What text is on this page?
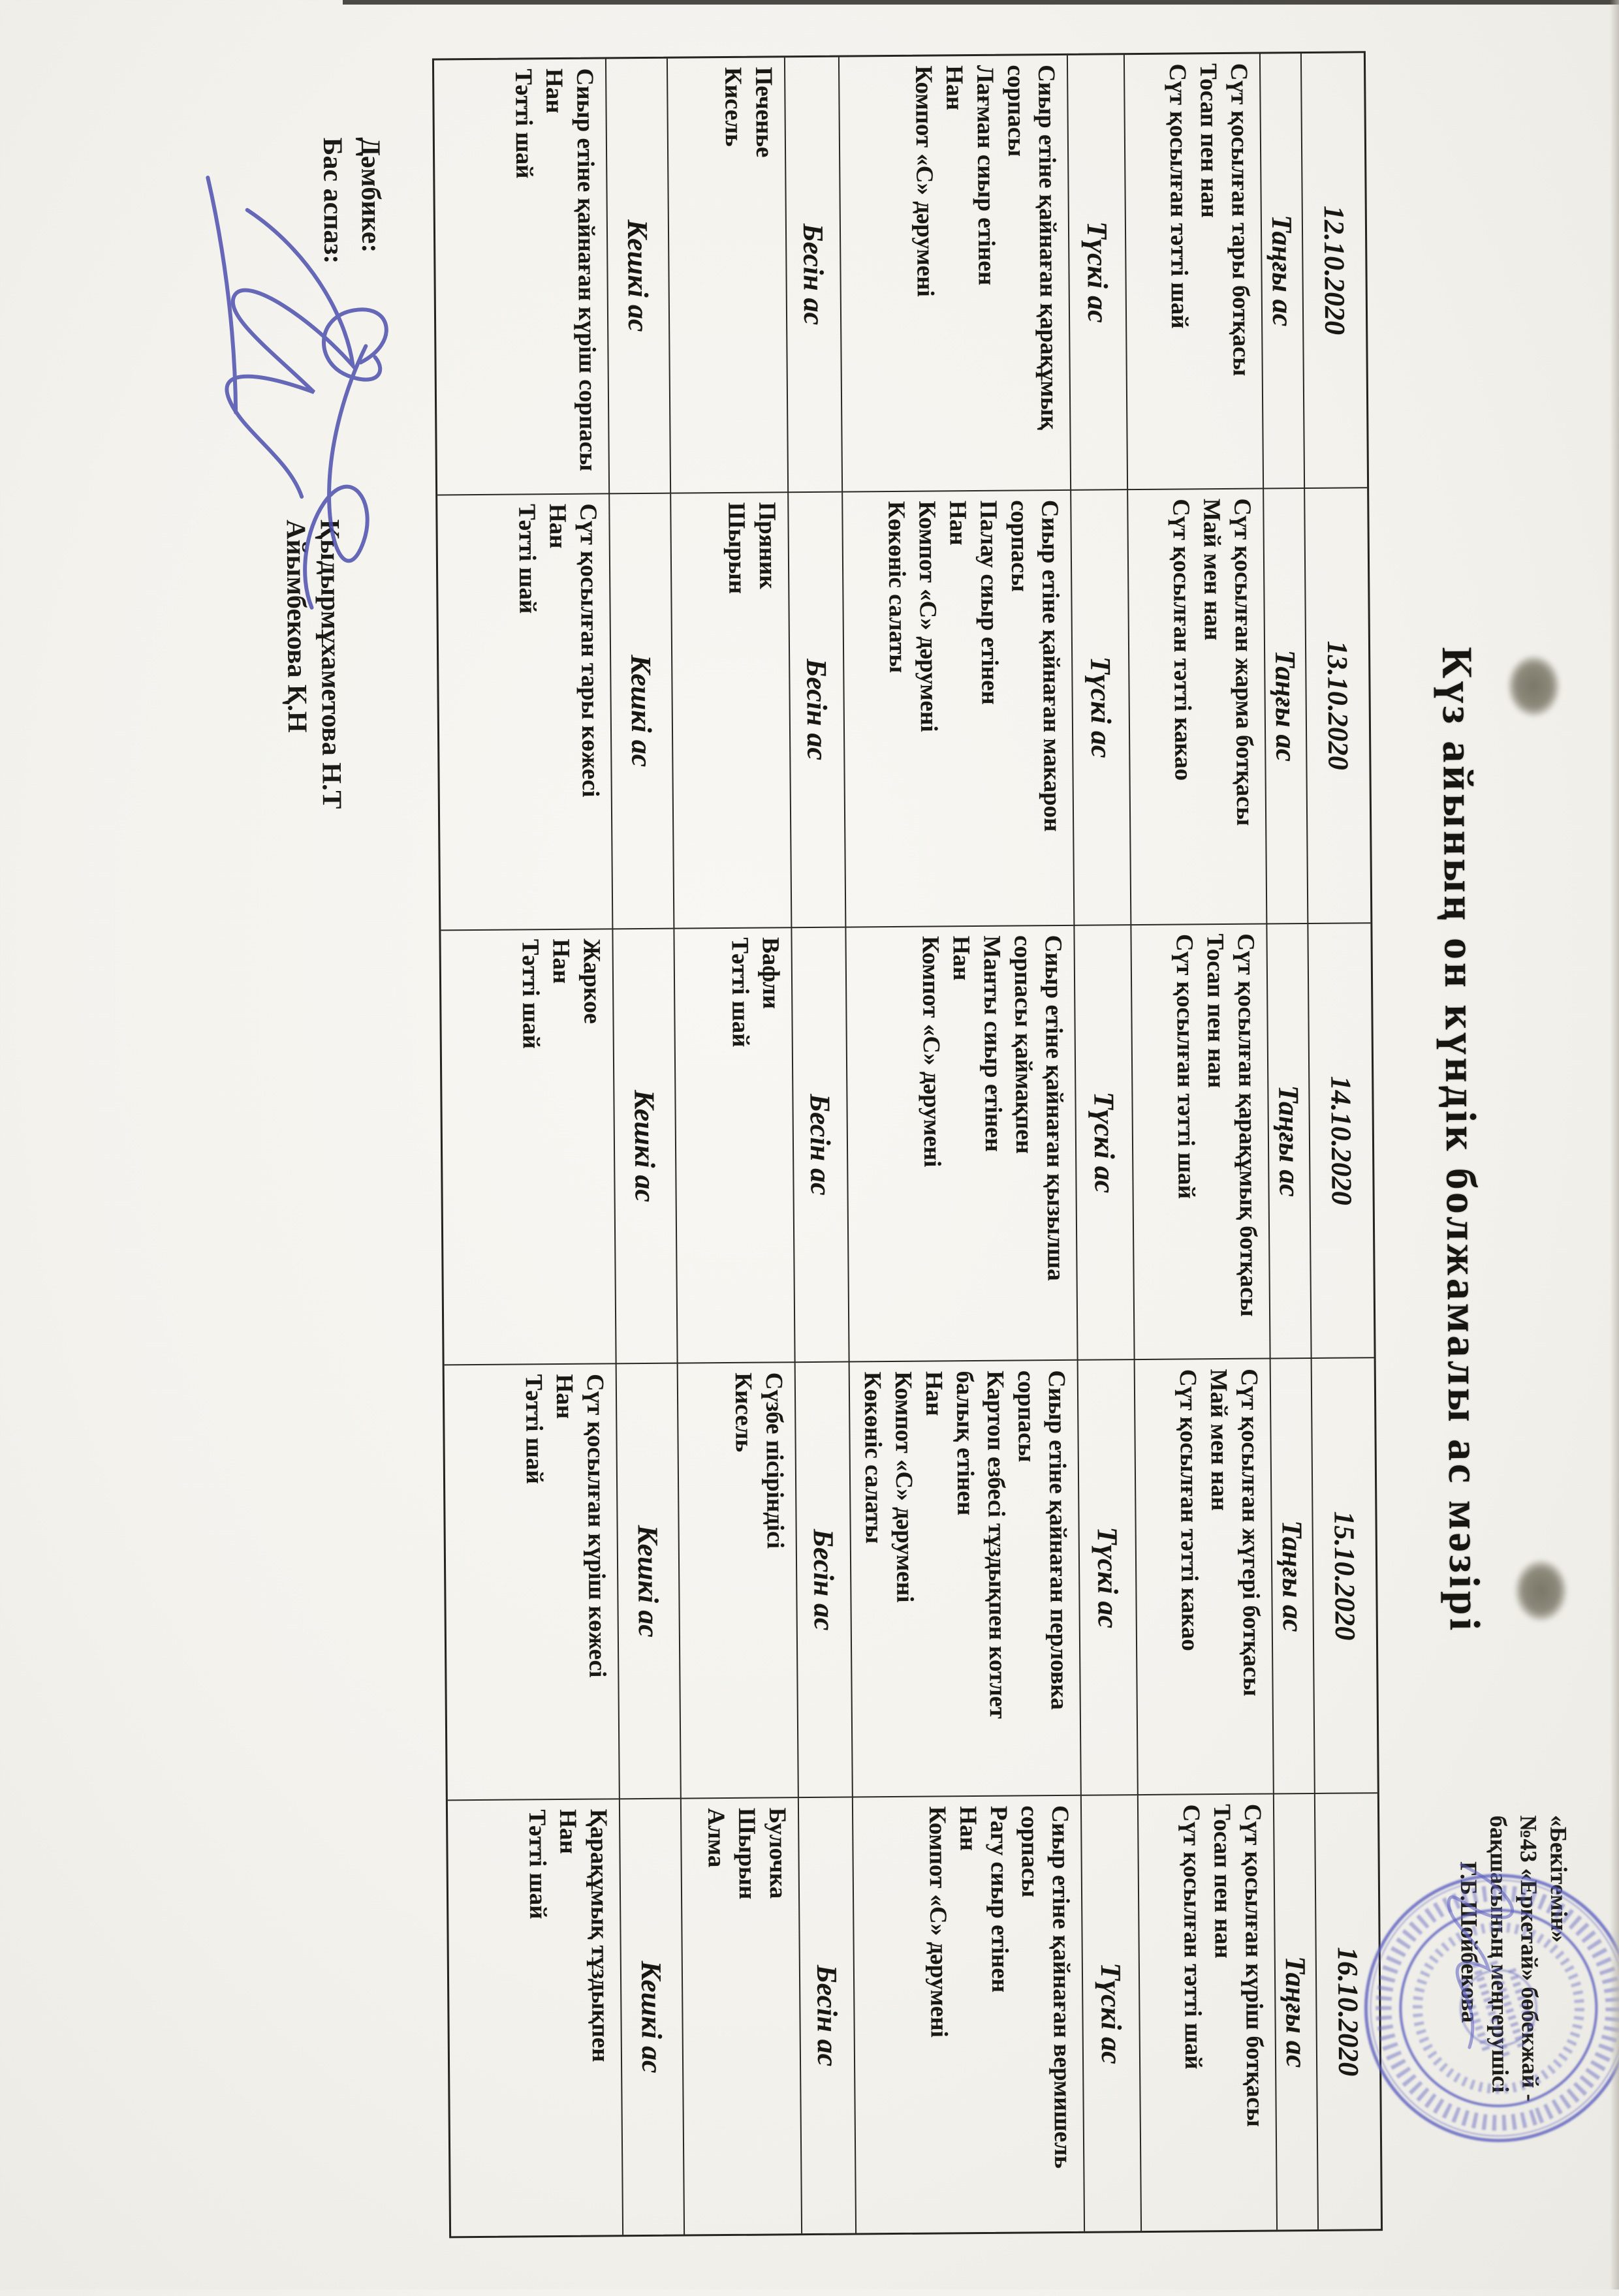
Күз айының он күндік болжамалы ас мәзірі
«Бекітемін»
№43 «Еркетай» бөбекжай -
бақшасының меңгерушісі
Г.Б.Шойбекова
12.10.2020
13.10.2020
14.10.2020
15.10.2020
16.10.2020
Таңғы ас
Таңғы ас
Таңғы ас
Таңғы ас
Таңғы ас
Сүт қосылған тары ботқасы
Тосап пен нан
Сүт қосылған тәтті шай
Сүт қосылған жарма ботқасы
Май мен нан
Сүт қосылған тәтті какао
Сүт қосылған қарақұмық ботқасы
Тосап пен нан
Сүт қосылған тәтті шай
Сүт қосылған жүгері ботқасы
Май мен нан
Сүт қосылған тәтті какао
Сүт қосылған күріш ботқасы
Тосап пен нан
Сүт қосылған тәтті шай
Түскі ас
Түскі ас
Түскі ас
Түскі ас
Түскі ас
Сиыр етіне қайнаған қарақұмық сорпасы
Лағман сиыр етінен
Нан
Компот «С» дәрумені
Сиыр етіне қайнаған макарон сорпасы
Палау сиыр етінен
Нан
Компот «С» дәрумені
Көкөніс салаты
Сиыр етіне қайнаған қызылша сорпасы қаймақпен
Манты сиыр етінен
Нан
Компот «С» дәрумені
Сиыр етіне қайнаған перловка сорпасы
Картоп езбесі тұздықпен котлет балық етінен
Нан
Компот «С» дәрумені
Көкөніс салаты
Сиыр етіне қайнаған вермишель сорпасы
Рагу сиыр етінен
Нан
Компот «С» дәрумені
Бесін ас
Бесін ас
Бесін ас
Бесін ас
Бесін ас
Печенье
Кисель
Пряник
Шырын
Вафли
Тәтті шай
Сүзбе пісіріндісі
Кисель
Булочка
Шырын
Алма
Кешкі ас
Кешкі ас
Кешкі ас
Кешкі ас
Кешкі ас
Сиыр етіне қайнаған күріш сорпасы
Нан
Тәтті шай
Сүт қосылған тары көжесі
Нан
Тәтті шай
Жаркое
Нан
Тәтті шай
Сүт қосылған күріш көжесі
Нан
Тәтті шай
Қарақұмық тұздықпен
Нан
Тәтті шай
Дәмбике:
Бас аспаз:
Қыдырмұхаметова Н.Т
Айымбекова Қ.Н
